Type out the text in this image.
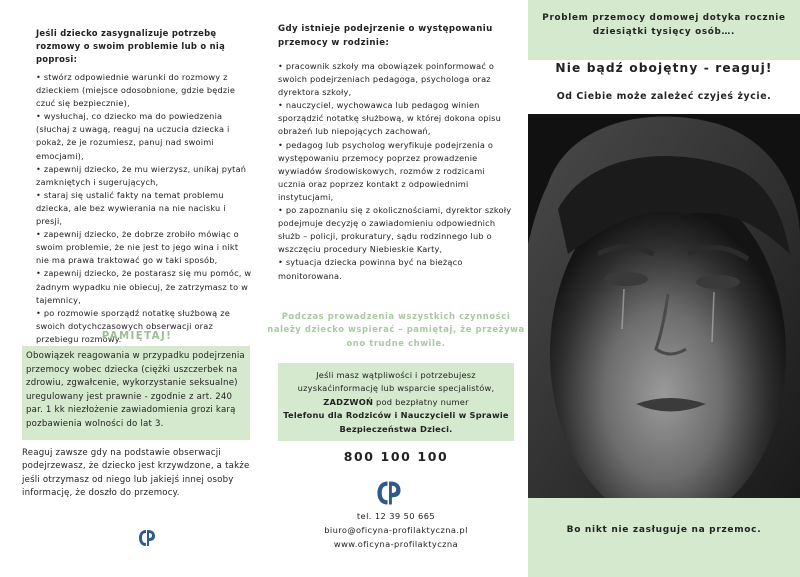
Jeśli dziecko zasygnalizuje potrzebę rozmowy o swoim problemie lub o nią poprosi:
• stwórz odpowiednie warunki do rozmowy z dzieckiem (miejsce odosobnione, gdzie będzie czuć się bezpiecznie),
• wysłuchaj, co dziecko ma do powiedzenia (słuchaj z uwagą, reaguj na uczucia dziecka i pokaż, że je rozumiesz, panuj nad swoimi emocjami),
• zapewnij dziecko, że mu wierzysz, unikaj pytań zamkniętych i sugerujących,
• staraj się ustalić fakty na temat problemu dziecka, ale bez wywierania na nie nacisku i presji,
• zapewnij dziecko, że dobrze zrobiło mówiąc o swoim problemie, że nie jest to jego wina i nikt nie ma prawa traktować go w taki sposób,
• zapewnij dziecko, że postarasz się mu pomóc, w żadnym wypadku nie obiecuj, że zatrzymasz to w tajemnicy,
• po rozmowie sporządź notatkę służbową ze swoich dotychczasowych obserwacji oraz przebiegu rozmowy.
PAMIĘTAJ!
Obowiązek reagowania w przypadku podejrzenia przemocy wobec dziecka (ciężki uszczerbek na zdrowiu, zgwałcenie, wykorzystanie seksualne) uregulowany jest prawnie - zgodnie z art. 240 par. 1 kk niezłożenie zawiadomienia grozi karą pozbawienia wolności do lat 3.
Reaguj zawsze gdy na podstawie obserwacji podejrzewasz, że dziecko jest krzywdzone, a także jeśli otrzymasz od niego lub jakiejś innej osoby informację, że doszło do przemocy.
Gdy istnieje podejrzenie o występowaniu przemocy w rodzinie:
• pracownik szkoły ma obowiązek poinformować o swoich podejrzeniach pedagoga, psychologa oraz dyrektora szkoły,
• nauczyciel, wychowawca lub pedagog winien sporządzić notatkę służbową, w której dokona opisu obrażeń lub niepojących zachowań,
• pedagog lub psycholog weryfikuje podejrzenia o występowaniu przemocy poprzez prowadzenie wywiadów środowiskowych, rozmów z rodzicami ucznia oraz poprzez kontakt z odpowiednimi instytucjami,
• po zapoznaniu się z okolicznościami, dyrektor szkoły podejmuje decyzję o zawiadomieniu odpowiednich służb – policji, prokuratury, sądu rodzinnego lub o wszczęciu procedury Niebieskie Karty,
• sytuacja dziecka powinna być na bieżąco monitorowana.
Podczas prowadzenia wszystkich czynności należy dziecko wspierać – pamiętaj, że przeżywa ono trudne chwile.
Jeśli masz wątpliwości i potrzebujesz uzyskaćinformację lub wsparcie specjalistów,
ZADZWOŃ pod bezpłatny numer
Telefonu dla Rodziców i Nauczycieli w Sprawie Bezpieczeństwa Dzieci.
800 100 100
tel. 12 39 50 665
biuro@oficyna-profilaktyczna.pl
www.oficyna-profilaktyczna
Problem przemocy domowej dotyka rocznie dziesiątki tysięcy osób….
Nie bądź obojętny - reaguj!
Od Ciebie może zależeć czyjeś życie.
Bo nikt nie zasługuje na przemoc.
